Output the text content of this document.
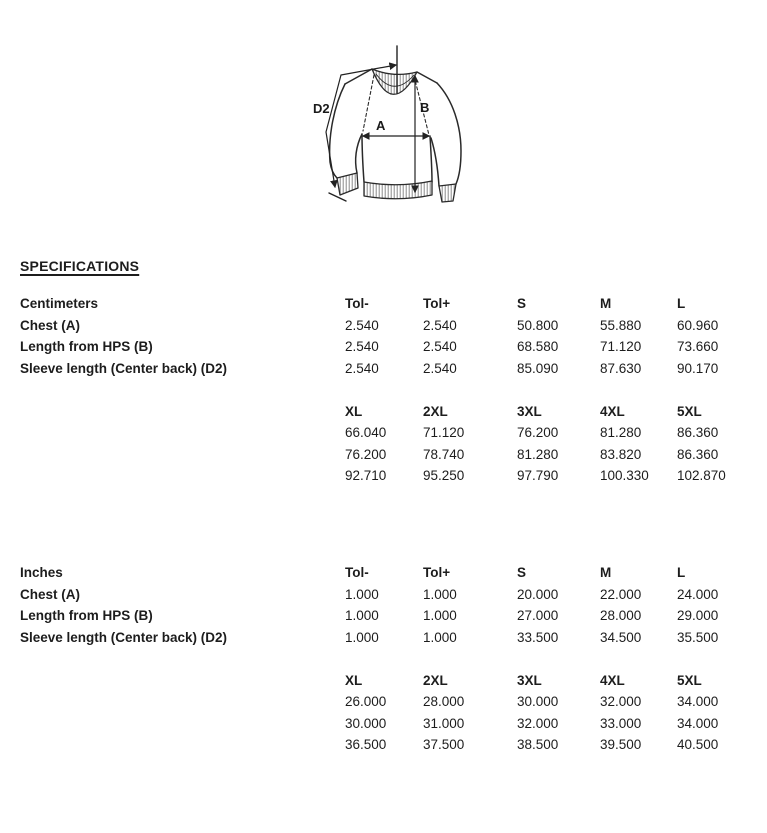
D2
A
B
SPECIFICATIONS
Centimeters	Tol-	Tol+	S	M	L
Chest (A)	2.540	2.540	50.800	55.880	60.960
Length from HPS (B)	2.540	2.540	68.580	71.120	73.660
Sleeve length (Center back) (D2)	2.540	2.540	85.090	87.630	90.170
XL	2XL	3XL	4XL	5XL
66.040	71.120	76.200	81.280	86.360
76.200	78.740	81.280	83.820	86.360
92.710	95.250	97.790	100.330	102.870
Inches	Tol-	Tol+	S	M	L
Chest (A)	1.000	1.000	20.000	22.000	24.000
Length from HPS (B)	1.000	1.000	27.000	28.000	29.000
Sleeve length (Center back) (D2)	1.000	1.000	33.500	34.500	35.500
XL	2XL	3XL	4XL	5XL
26.000	28.000	30.000	32.000	34.000
30.000	31.000	32.000	33.000	34.000
36.500	37.500	38.500	39.500	40.500
